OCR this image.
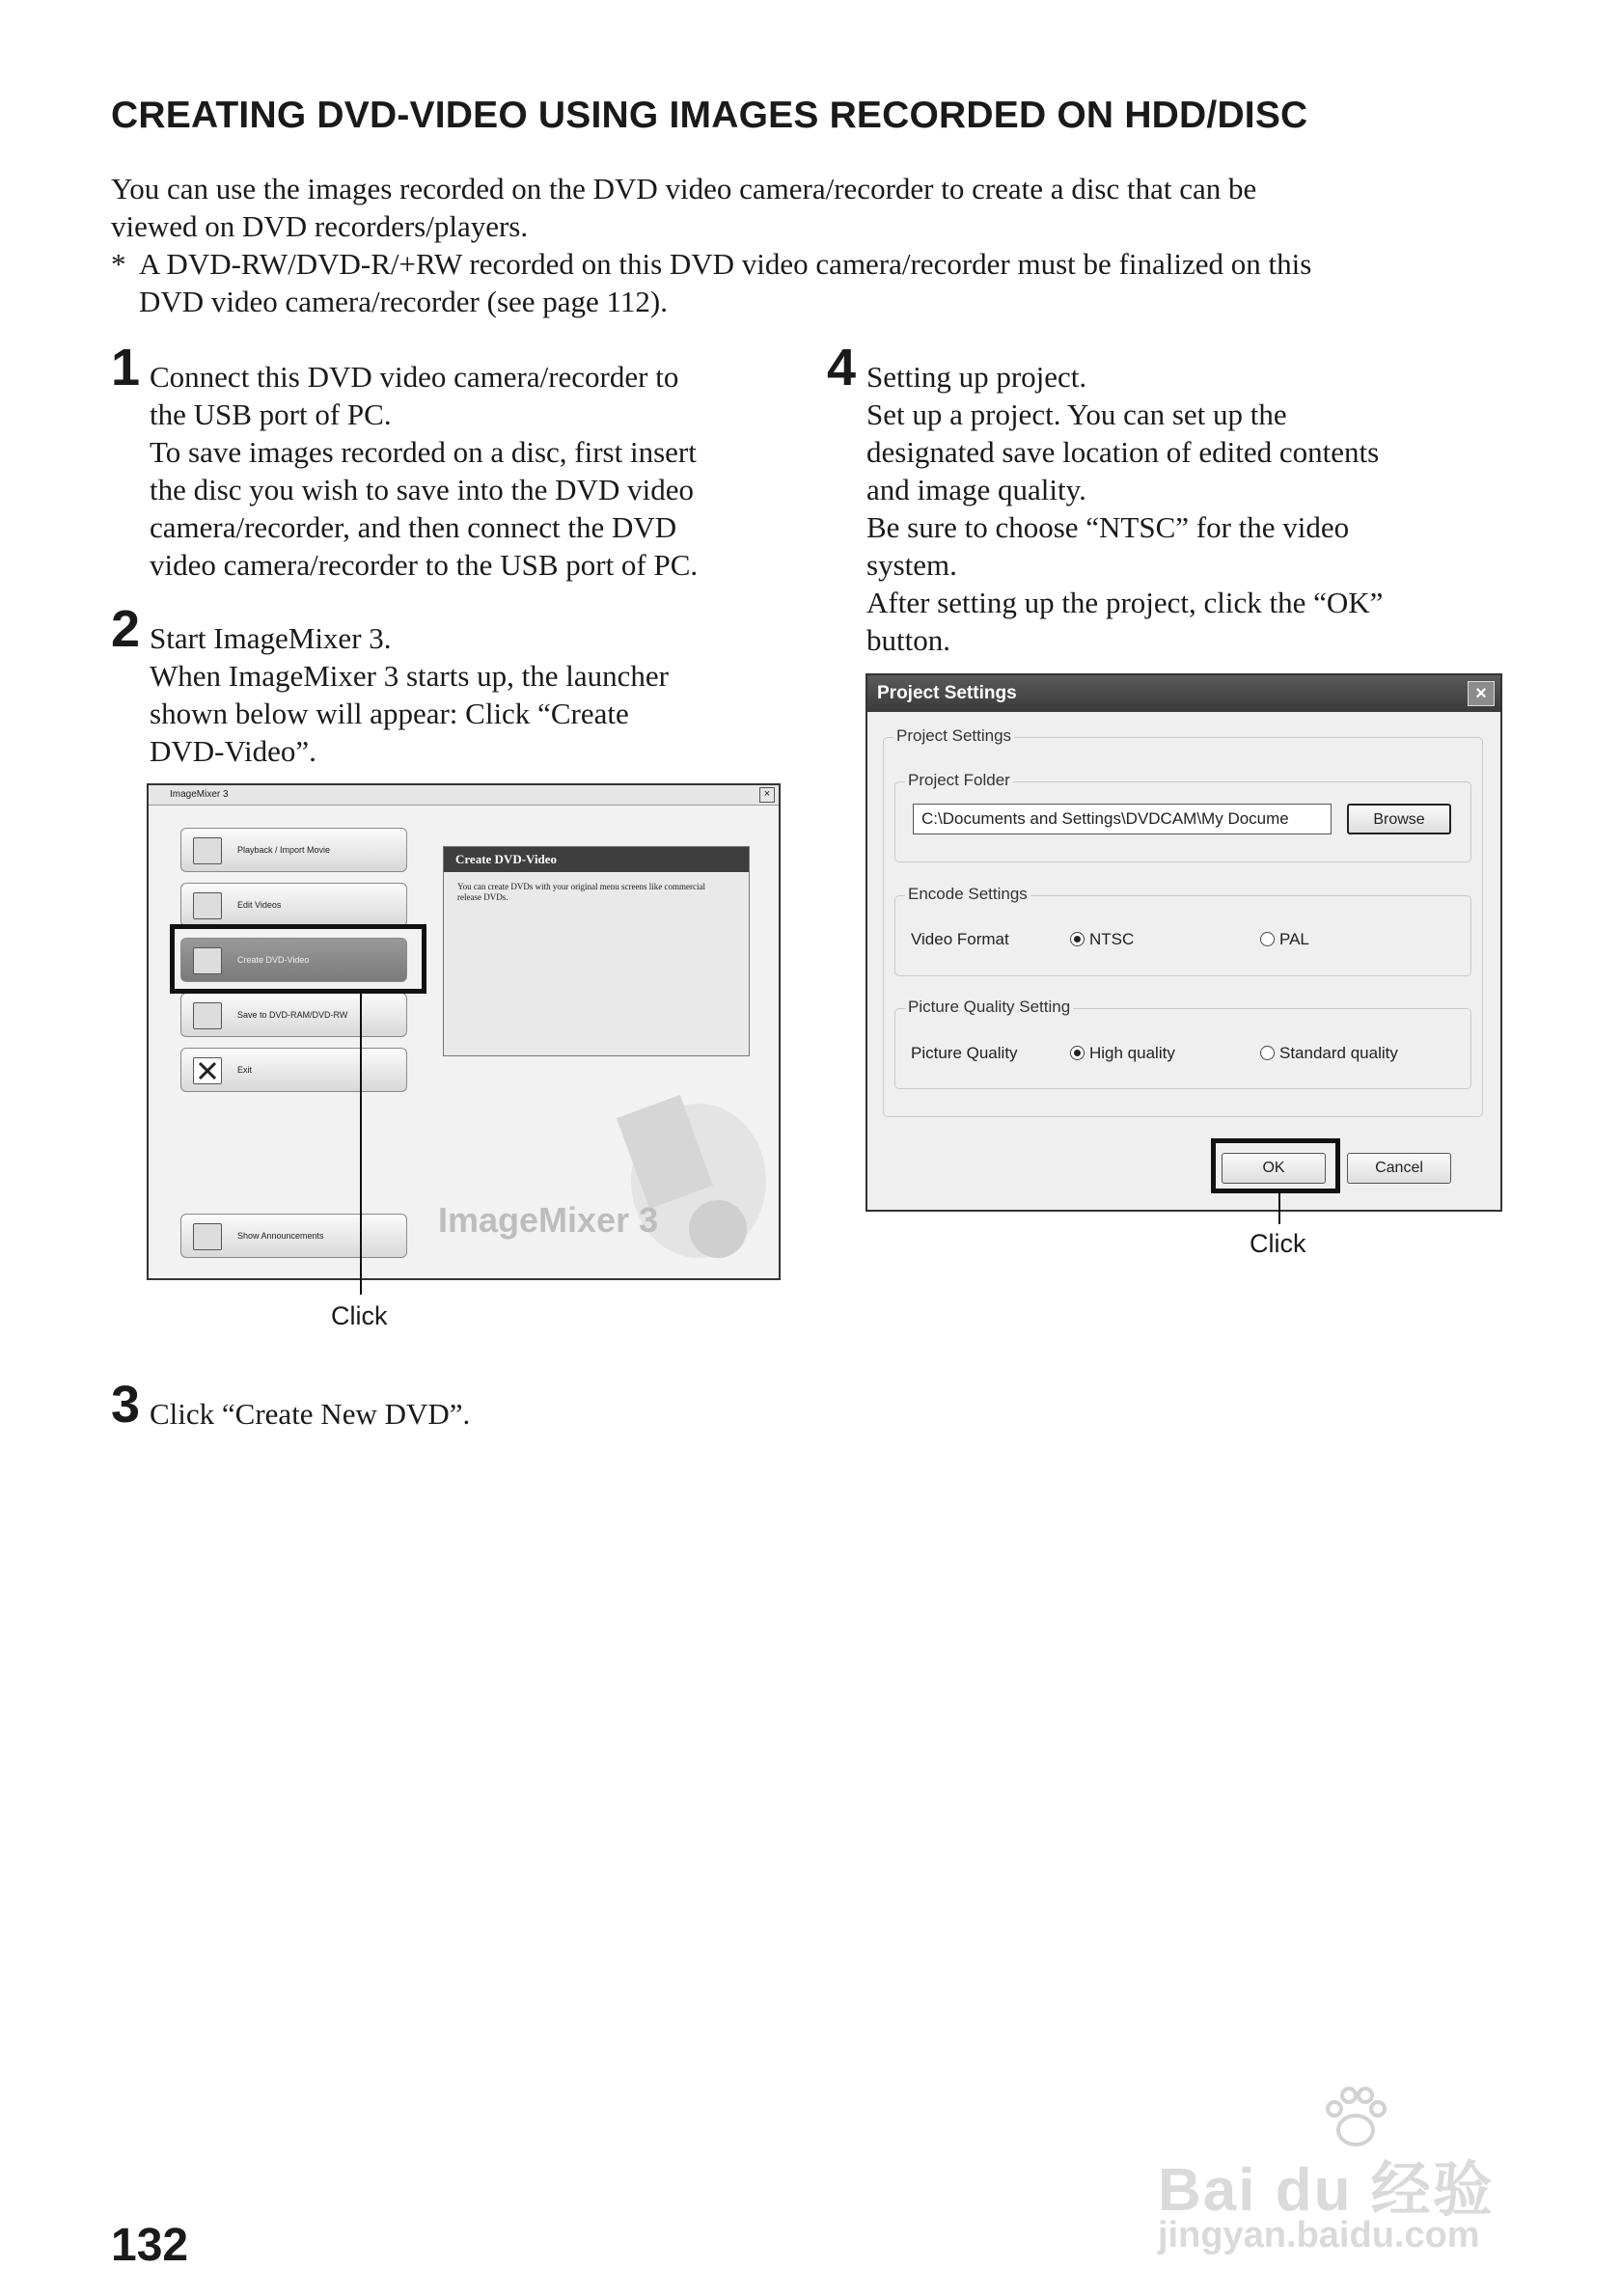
CREATING DVD-VIDEO USING IMAGES RECORDED ON HDD/DISC
You can use the images recorded on the DVD video camera/recorder to create a disc that can be
viewed on DVD recorders/players.
* A DVD-RW/DVD-R/+RW recorded on this DVD video camera/recorder must be finalized on this
DVD video camera/recorder (see page 112).
1 Connect this DVD video camera/recorder to
the USB port of PC.
To save images recorded on a disc, first insert
the disc you wish to save into the DVD video
camera/recorder, and then connect the DVD
video camera/recorder to the USB port of PC.
2 Start ImageMixer 3.
When ImageMixer 3 starts up, the launcher
shown below will appear: Click “Create
DVD-Video”.
ImageMixer 3	×
Playback / Import Movie
Edit Videos
Create DVD-Video
Save to DVD-RAM/DVD-RW
Exit
Show Announcements
Create DVD-Video
You can create DVDs with your original menu screens like commercial release DVDs.
ImageMixer 3
Click
3 Click “Create New DVD”.
4 Setting up project.
Set up a project. You can set up the
designated save location of edited contents
and image quality.
Be sure to choose “NTSC” for the video
system.
After setting up the project, click the “OK”
button.
Project Settings	×
Project Settings
Project Folder
C:\Documents and Settings\DVDCAM\My Docume	Browse
Encode Settings
Video Format	NTSC	PAL
Picture Quality Setting
Picture Quality	High quality	Standard quality
OK	Cancel
Click
132
Bai du 经验
jingyan.baidu.com
